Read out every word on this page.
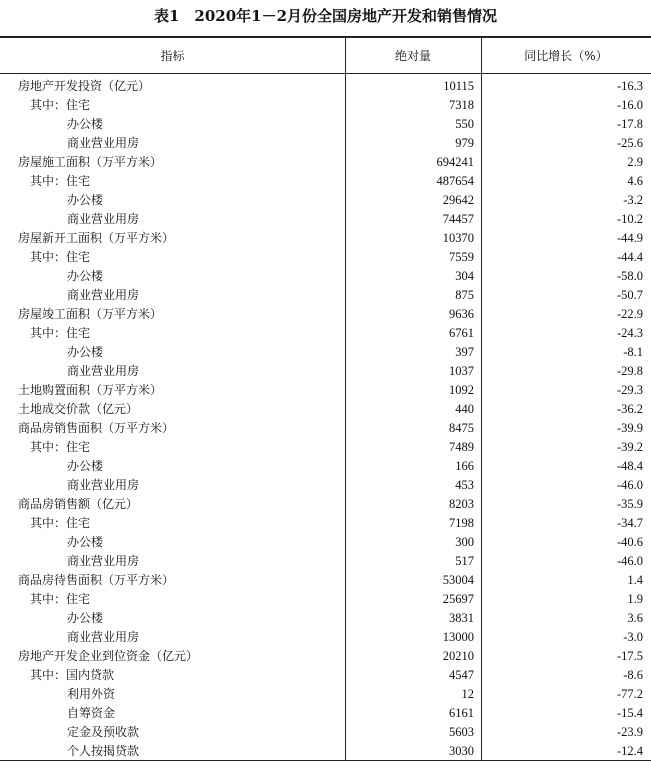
表1　2020年1－2月份全国房地产开发和销售情况
指标	绝对量	同比增长（%）
房地产开发投资（亿元）	10115	-16.3
其中：住宅	7318	-16.0
办公楼	550	-17.8
商业营业用房	979	-25.6
房屋施工面积（万平方米）	694241	2.9
其中：住宅	487654	4.6
办公楼	29642	-3.2
商业营业用房	74457	-10.2
房屋新开工面积（万平方米）	10370	-44.9
其中：住宅	7559	-44.4
办公楼	304	-58.0
商业营业用房	875	-50.7
房屋竣工面积（万平方米）	9636	-22.9
其中：住宅	6761	-24.3
办公楼	397	-8.1
商业营业用房	1037	-29.8
土地购置面积（万平方米）	1092	-29.3
土地成交价款（亿元）	440	-36.2
商品房销售面积（万平方米）	8475	-39.9
其中：住宅	7489	-39.2
办公楼	166	-48.4
商业营业用房	453	-46.0
商品房销售额（亿元）	8203	-35.9
其中：住宅	7198	-34.7
办公楼	300	-40.6
商业营业用房	517	-46.0
商品房待售面积（万平方米）	53004	1.4
其中：住宅	25697	1.9
办公楼	3831	3.6
商业营业用房	13000	-3.0
房地产开发企业到位资金（亿元）	20210	-17.5
其中：国内贷款	4547	-8.6
利用外资	12	-77.2
自筹资金	6161	-15.4
定金及预收款	5603	-23.9
个人按揭贷款	3030	-12.4
